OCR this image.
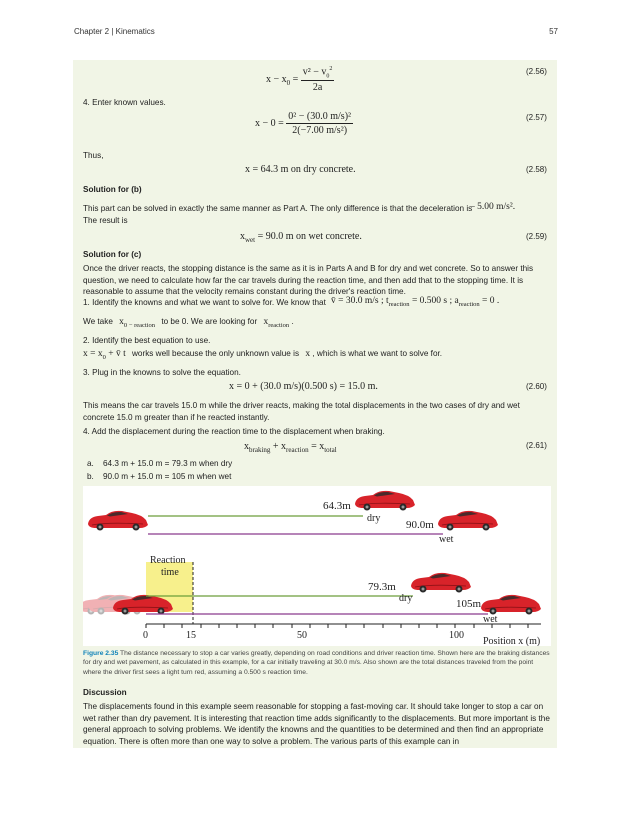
Chapter 2 | Kinematics	57
$x - x_0 = \frac{v^2 - v_0^2}{2a}$	(2.56)
4. Enter known values.
$x - 0 = \frac{\text{0² − (30.0 m/s)²}}{\text{2(−7.00 m/s²)}}$	(2.57)
Thus,
x = 64.3 m on dry concrete.	(2.58)
Solution for (b)
This part can be solved in exactly the same manner as Part A. The only difference is that the deceleration is
– 5.00 m/s².
The result is
$x_{wet} = 90.0$ m on wet concrete.	(2.59)
Solution for (c)
Once the driver reacts, the stopping distance is the same as it is in Parts A and B for dry and wet concrete. So to answer this question, we need to calculate how far the car travels during the reaction time, and then add that to the stopping time. It is reasonable to assume that the velocity remains constant during the driver's reaction time.
1. Identify the knowns and what we want to solve for. We know that v̄ = 30.0 m/s ; $t_{reaction} = 0.500$ s ; $a_{reaction} = 0$ .
We take $x_{0 - reaction}$ to be 0. We are looking for $x_{reaction}$ .
2. Identify the best equation to use.
$x = x_0$ + v̄ t works well because the only unknown value is x , which is what we want to solve for.
3. Plug in the knowns to solve the equation.
x = 0 + (30.0 m/s)(0.500 s) = 15.0 m.	(2.60)
This means the car travels 15.0 m while the driver reacts, making the total displacements in the two cases of dry and wet concrete 15.0 m greater than if he reacted instantly.
4. Add the displacement during the reaction time to the displacement when braking.
$x_{braking} + x_{reaction} = x_{total}$	(2.61)
a. 64.3 m + 15.0 m = 79.3 m when dry
b. 90.0 m + 15.0 m = 105 m when wet
64.3m
dry
90.0m
wet
Reaction
time
79.3m
dry	105m
wet
0	15	50	100
Position x (m)
Figure 2.35 The distance necessary to stop a car varies greatly, depending on road conditions and driver reaction time. Shown here are the braking distances for dry and wet pavement, as calculated in this example, for a car initially traveling at 30.0 m/s. Also shown are the total distances traveled from the point where the driver first sees a light turn red, assuming a 0.500 s reaction time.
Discussion
The displacements found in this example seem reasonable for stopping a fast-moving car. It should take longer to stop a car on wet rather than dry pavement. It is interesting that reaction time adds significantly to the displacements. But more important is the general approach to solving problems. We identify the knowns and the quantities to be determined and then find an appropriate equation. There is often more than one way to solve a problem. The various parts of this example can in
